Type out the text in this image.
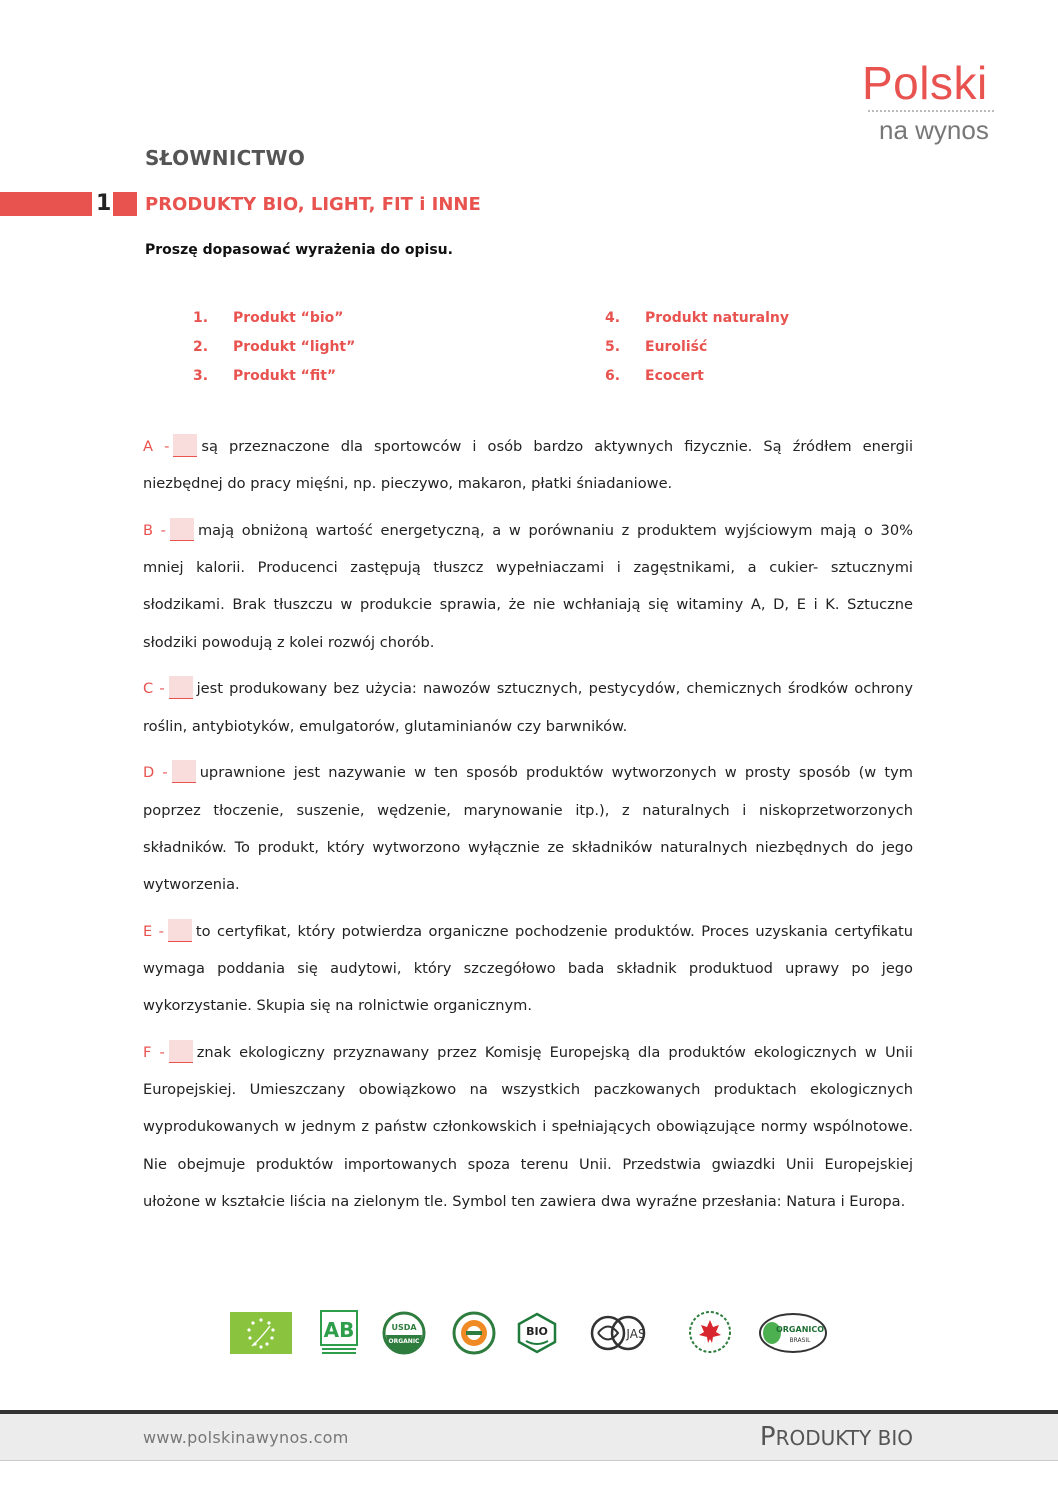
Polski
na wynos
SŁOWNICTWO
1 PRODUKTY BIO, LIGHT, FIT i INNE
Proszę dopasować wyrażenia do opisu.
1. Produkt “bio”
2. Produkt “light”
3. Produkt “fit”
4. Produkt naturalny
5. Euroliść
6. Ecocert

A - są przeznaczone dla sportowców i osób bardzo aktywnych fizycznie. Są źródłem energii niezbędnej do pracy mięśni, np. pieczywo, makaron, płatki śniadaniowe.

B - mają obniżoną wartość energetyczną, a w porównaniu z produktem wyjściowym mają o 30% mniej kalorii. Producenci zastępują tłuszcz wypełniaczami i zagęstnikami, a cukier- sztucznymi słodzikami. Brak tłuszczu w produkcie sprawia, że nie wchłaniają się witaminy A, D, E i K. Sztuczne słodziki powodują z kolei rozwój chorób.

C - jest produkowany bez użycia: nawozów sztucznych, pestycydów, chemicznych środków ochrony roślin, antybiotyków, emulgatorów, glutaminianów czy barwników.

D - uprawnione jest nazywanie w ten sposób produktów wytworzonych w prosty sposób (w tym poprzez tłoczenie, suszenie, wędzenie, marynowanie itp.), z naturalnych i niskoprzetworzonych składników. To produkt, który wytworzono wyłącznie ze składników naturalnych niezbędnych do jego wytworzenia.

E - to certyfikat, który potwierdza organiczne pochodzenie produktów. Proces uzyskania certyfikatu wymaga poddania się audytowi, który szczegółowo bada składnik produktuod uprawy po jego wykorzystanie. Skupia się na rolnictwie organicznym.

F - znak ekologiczny przyznawany przez Komisję Europejską dla produktów ekologicznych w Unii Europejskiej. Umieszczany obowiązkowo na wszystkich paczkowanych produktach ekologicznych wyprodukowanych w jednym z państw członkowskich i spełniających obowiązujące normy wspólnotowe. Nie obejmuje produktów importowanych spoza terenu Unii. Przedstwia gwiazdki Unii Europejskiej ułożone w kształcie liścia na zielonym tle. Symbol ten zawiera dwa wyraźne przesłania: Natura i Europa.

AB	USDA
ORGANIC
BIO	JAS	ORGANICO
BRASIL
www.polskinawynos.com	PRODUKTY BIO
